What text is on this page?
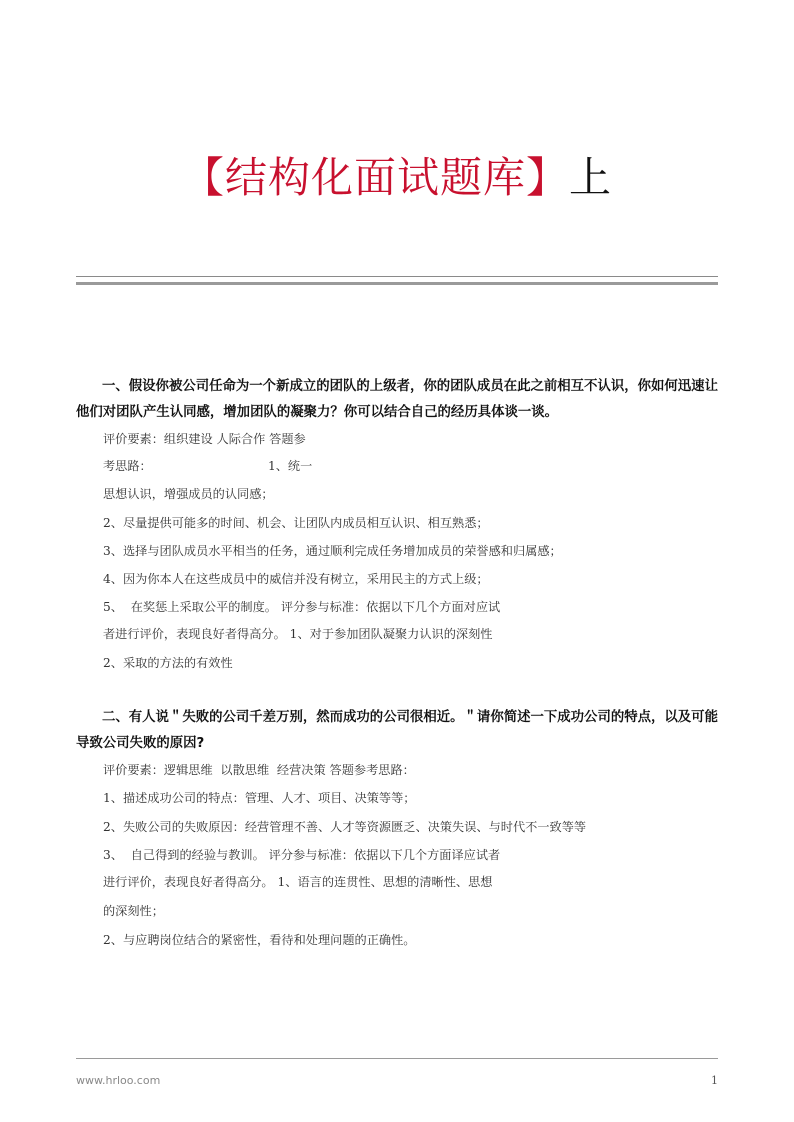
【结构化面试题库】上

一、假设你被公司任命为一个新成立的团队的上级者，你的团队成员在此之前相互不认识，你如何迅速让他们对团队产生认同感，增加团队的凝聚力？你可以结合自己的经历具体谈一谈。

评价要素：组织建设 人际合作 答题参

考思路：                              1、统一

思想认识，增强成员的认同感；

2、尽量提供可能多的时间、机会、让团队内成员相互认识、相互熟悉；

3、选择与团队成员水平相当的任务，通过顺利完成任务增加成员的荣誉感和归属感；

4、因为你本人在这些成员中的威信并没有树立，采用民主的方式上级；

5、  在奖惩上采取公平的制度。 评分参与标准：依据以下几个方面对应试

者进行评价，表现良好者得高分。 1、对于参加团队凝聚力认识的深刻性

2、采取的方法的有效性

二、有人说＂失败的公司千差万别，然而成功的公司很相近。＂请你简述一下成功公司的特点，以及可能导致公司失败的原因?

评价要素：逻辑思维  以散思维  经营决策 答题参考思路：

1、描述成功公司的特点：管理、人才、项目、决策等等；

2、失败公司的失败原因：经营管理不善、人才等资源匮乏、决策失误、与时代不一致等等

3、  自己得到的经验与教训。 评分参与标准：依据以下几个方面译应试者

进行评价，表现良好者得高分。 1、语言的连贯性、思想的清晰性、思想

的深刻性；

2、与应聘岗位结合的紧密性，看待和处理问题的正确性。

www.hrloo.com	1
